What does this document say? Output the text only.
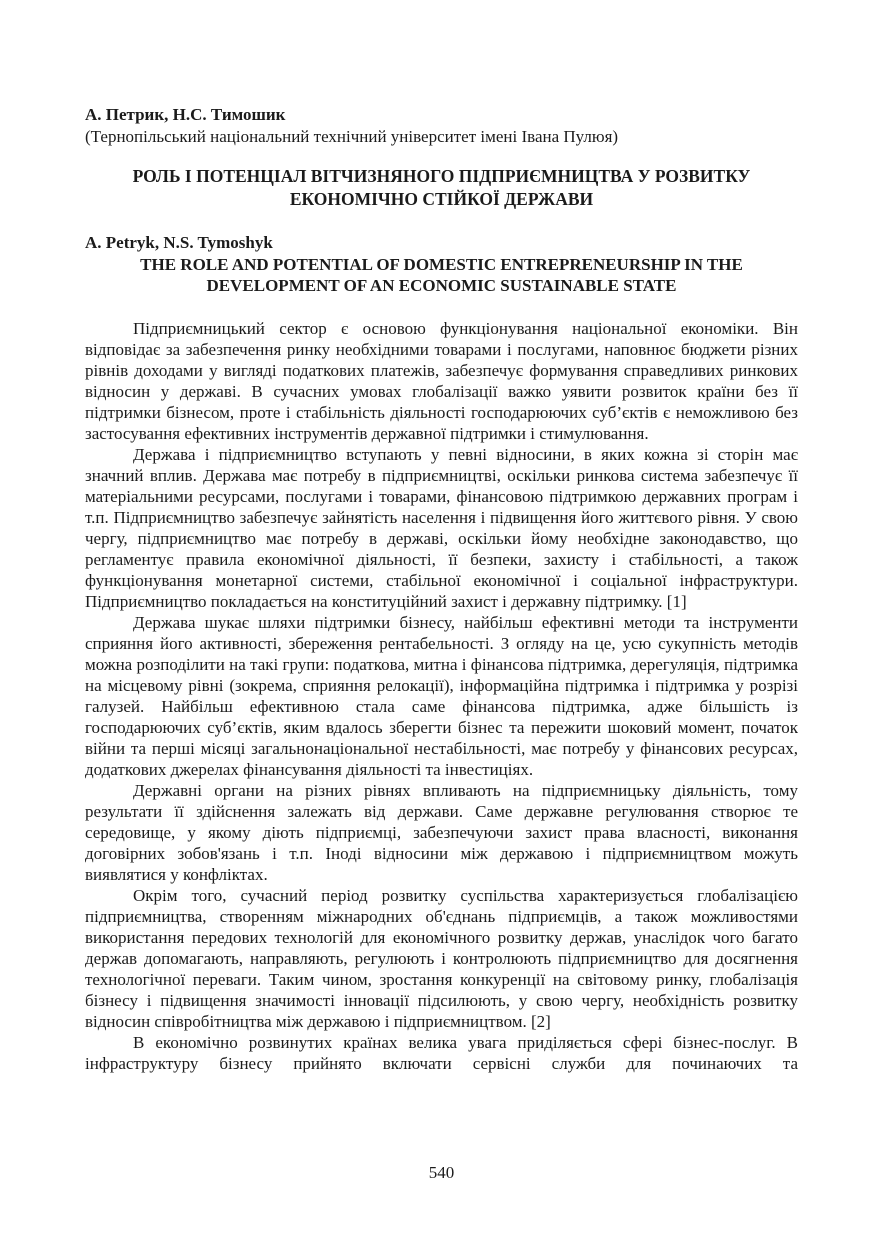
А. Петрик, Н.С. Тимошик

(Тернопільський національний технічний університет імені Івана Пулюя)

РОЛЬ І ПОТЕНЦІАЛ ВІТЧИЗНЯНОГО ПІДПРИЄМНИЦТВА У РОЗВИТКУ ЕКОНОМІЧНО СТІЙКОЇ ДЕРЖАВИ

A. Petryk, N.S. Tymoshyk

THE ROLE AND POTENTIAL OF DOMESTIC ENTREPRENEURSHIP IN THE DEVELOPMENT OF AN ECONOMIC SUSTAINABLE STATE

Підприємницький сектор є основою функціонування національної економіки. Він відповідає за забезпечення ринку необхідними товарами і послугами, наповнює бюджети різних рівнів доходами у вигляді податкових платежів, забезпечує формування справедливих ринкових відносин у державі. В сучасних умовах глобалізації важко уявити розвиток країни без її підтримки бізнесом, проте і стабільність діяльності господарюючих суб’єктів є неможливою без застосування ефективних інструментів державної підтримки і стимулювання.

Держава і підприємництво вступають у певні відносини, в яких кожна зі сторін має значний вплив. Держава має потребу в підприємництві, оскільки ринкова система забезпечує її матеріальними ресурсами, послугами і товарами, фінансовою підтримкою державних програм і т.п. Підприємництво забезпечує зайнятість населення і підвищення його життєвого рівня. У свою чергу, підприємництво має потребу в державі, оскільки йому необхідне законодавство, що регламентує правила економічної діяльності, її безпеки, захисту і стабільності, а також функціонування монетарної системи, стабільної економічної і соціальної інфраструктури. Підприємництво покладається на конституційний захист і державну підтримку. [1]

Держава шукає шляхи підтримки бізнесу, найбільш ефективні методи та інструменти сприяння його активності, збереження рентабельності. З огляду на це, усю сукупність методів можна розподілити на такі групи: податкова, митна і фінансова підтримка, дерегуляція, підтримка на місцевому рівні (зокрема, сприяння релокації), інформаційна підтримка і підтримка у розрізі галузей. Найбільш ефективною стала саме фінансова підтримка, адже більшість із господарюючих суб’єктів, яким вдалось зберегти бізнес та пережити шоковий момент, початок війни та перші місяці загальнонаціональної нестабільності, має потребу у фінансових ресурсах, додаткових джерелах фінансування діяльності та інвестиціях.

Державні органи на різних рівнях впливають на підприємницьку діяльність, тому результати її здійснення залежать від держави. Саме державне регулювання створює те середовище, у якому діють підприємці, забезпечуючи захист права власності, виконання договірних зобов'язань і т.п. Іноді відносини між державою і підприємництвом можуть виявлятися у конфліктах.

Окрім того, сучасний період розвитку суспільства характеризується глобалізацією підприємництва, створенням міжнародних об'єднань підприємців, а також можливостями використання передових технологій для економічного розвитку держав, унаслідок чого багато держав допомагають, направляють, регулюють і контролюють підприємництво для досягнення технологічної переваги. Таким чином, зростання конкуренції на світовому ринку, глобалізація бізнесу і підвищення значимості інновації підсилюють, у свою чергу, необхідність розвитку відносин співробітництва між державою і підприємництвом. [2]

В економічно розвинутих країнах велика увага приділяється сфері бізнес-послуг. В інфраструктуру бізнесу прийнято включати сервісні служби для починаючих та

540
